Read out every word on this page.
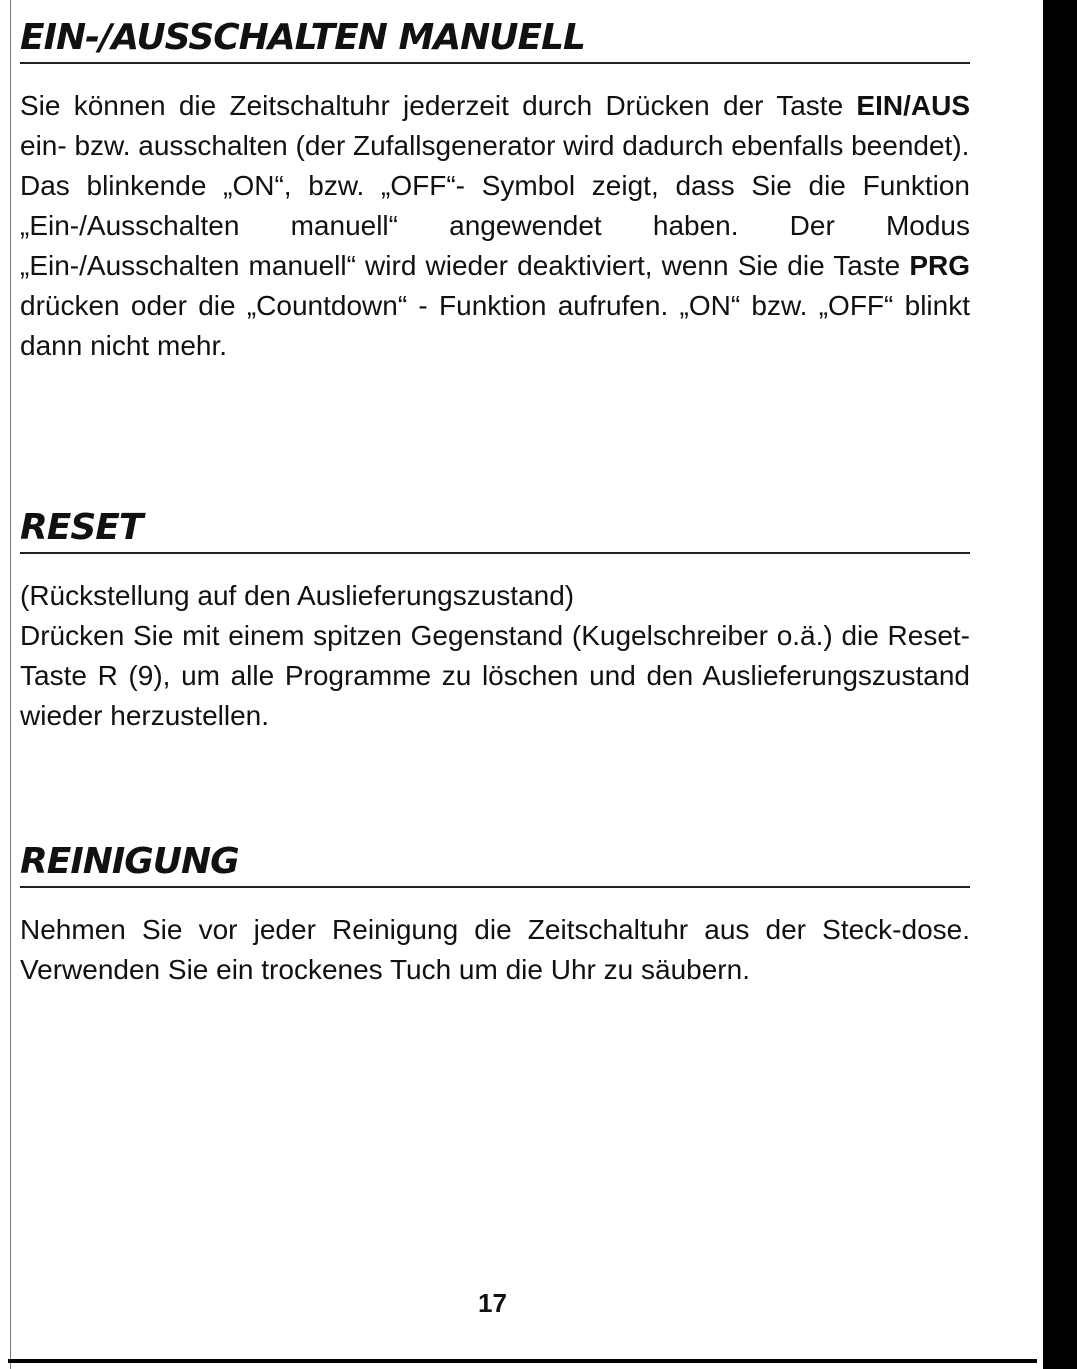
EIN-/AUSSCHALTEN MANUELL

Sie können die Zeitschaltuhr jederzeit durch Drücken der Taste EIN/AUS ein- bzw. ausschalten (der Zufallsgenerator wird dadurch ebenfalls beendet).

Das blinkende „ON“, bzw. „OFF“- Symbol zeigt, dass Sie die Funktion „Ein-/Ausschalten manuell“ angewendet haben. Der Modus „Ein-/Ausschalten manuell“ wird wieder deaktiviert, wenn Sie die Taste PRG drücken oder die „Countdown“ - Funktion aufrufen. „ON“ bzw. „OFF“ blinkt dann nicht mehr.

RESET

(Rückstellung auf den Auslieferungszustand)

Drücken Sie mit einem spitzen Gegenstand (Kugelschreiber o.ä.) die Reset-Taste R (9), um alle Programme zu löschen und den Auslieferungszustand wieder herzustellen.

REINIGUNG

Nehmen Sie vor jeder Reinigung die Zeitschaltuhr aus der Steck-dose. Verwenden Sie ein trockenes Tuch um die Uhr zu säubern.

17
